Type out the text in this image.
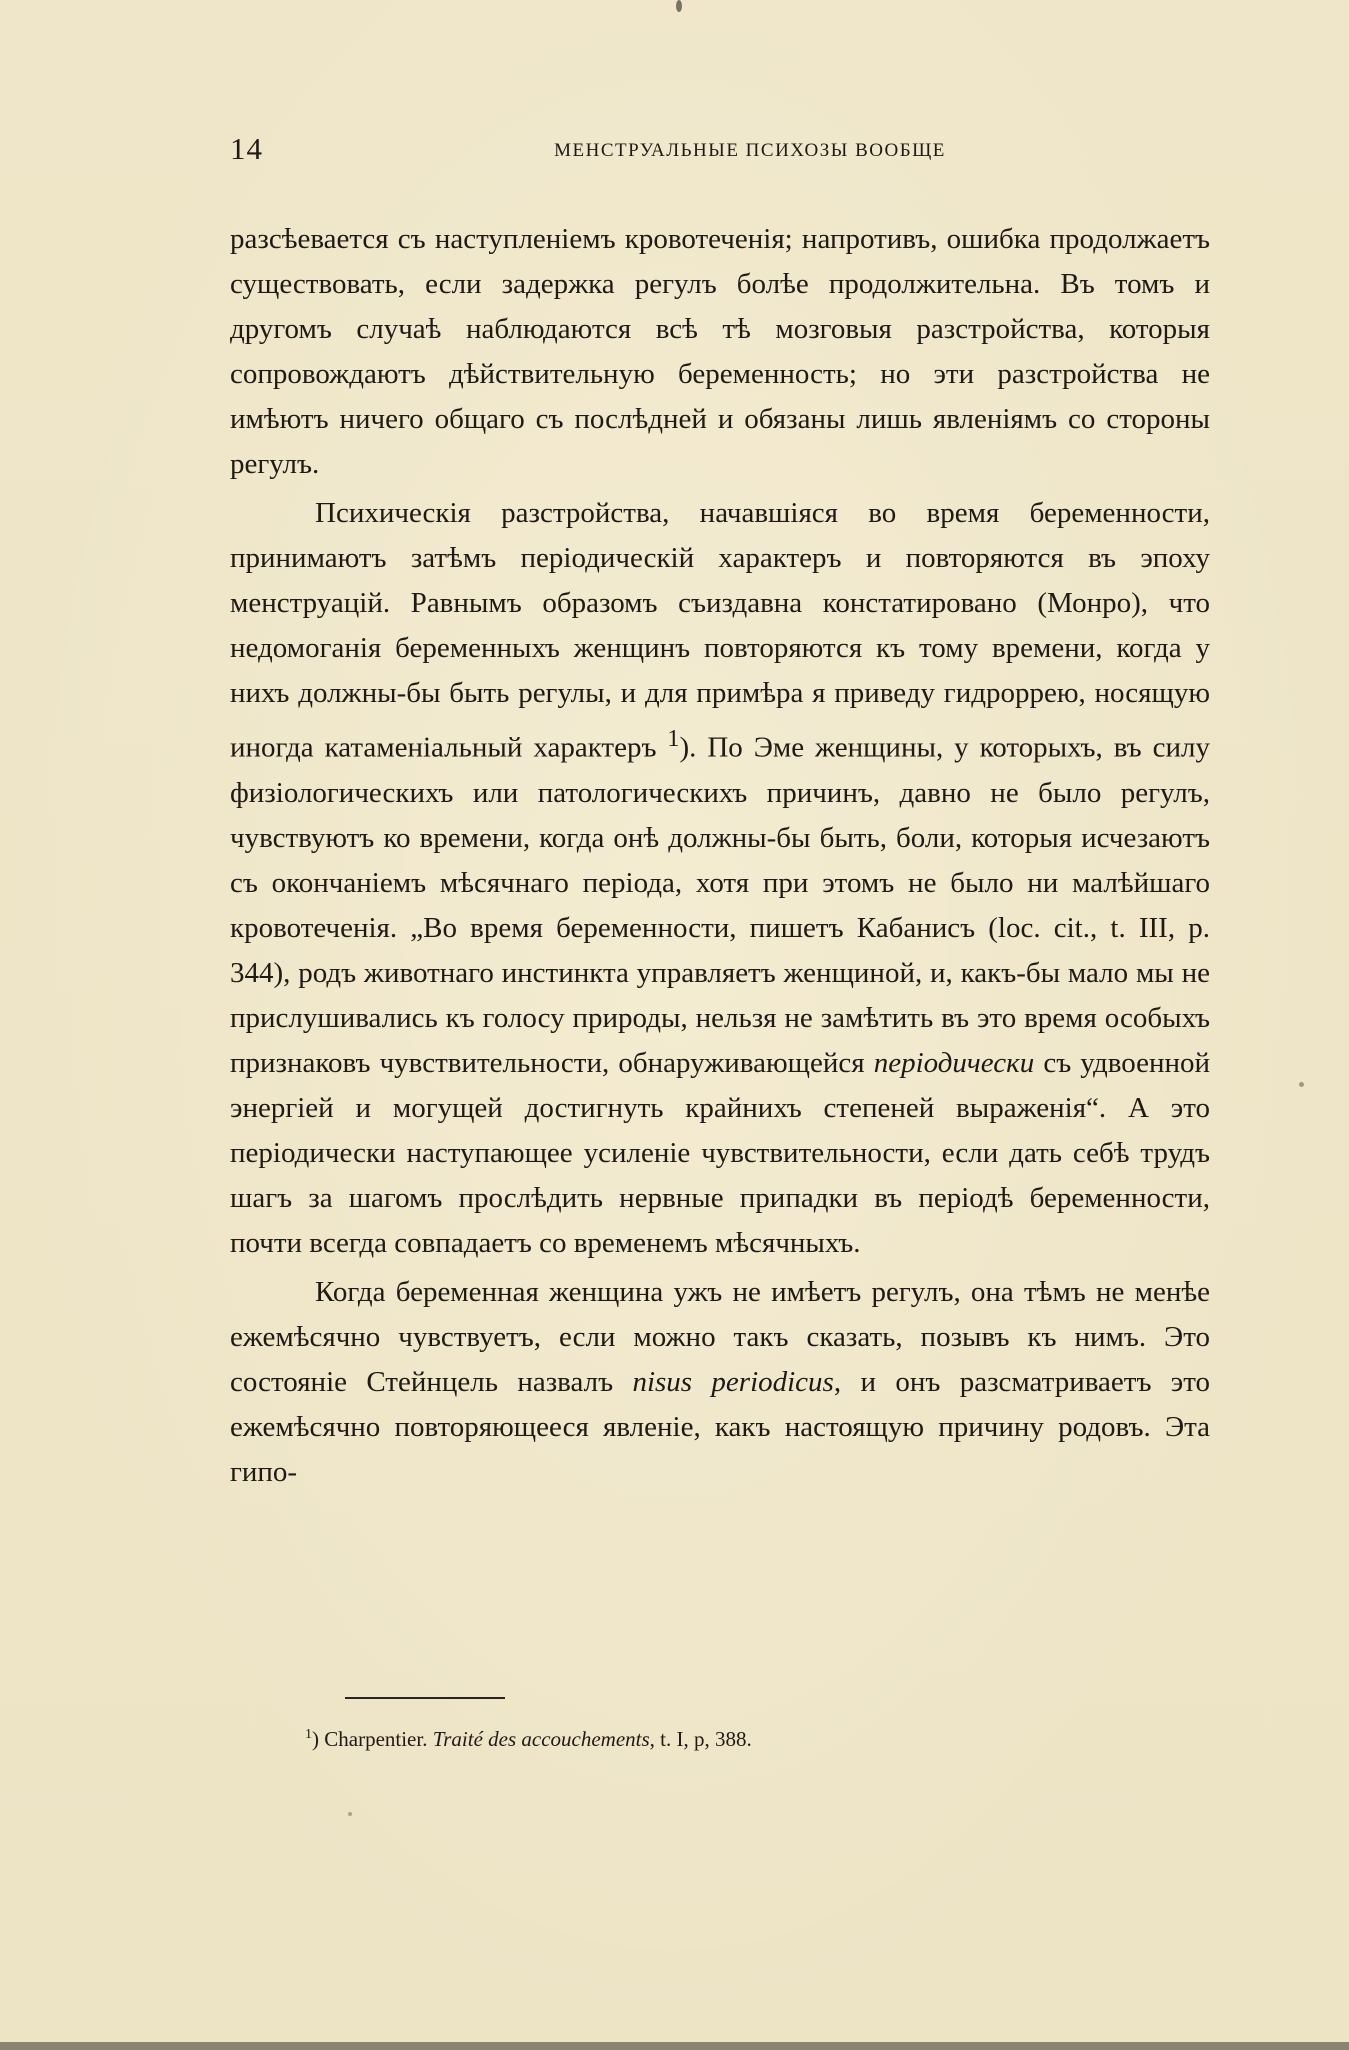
14	МЕНСТРУАЛЬНЫЕ ПСИХОЗЫ ВООБЩЕ

разсѣевается съ наступленіемъ кровотеченія; напротивъ, ошибка продолжаетъ существовать, если задержка регулъ болѣе продолжительна. Въ томъ и другомъ случаѣ наблюдаются всѣ тѣ мозговыя разстройства, которыя сопровождаютъ дѣйствительную беременность; но эти разстройства не имѣютъ ничего общаго съ послѣдней и обязаны лишь явленіямъ со стороны регулъ.

Психическія разстройства, начавшіяся во время беременности, принимаютъ затѣмъ періодическій характеръ и повторяются въ эпоху менструацій. Равнымъ образомъ съиздавна констатировано (Монро), что недомоганія беременныхъ женщинъ повторяются къ тому времени, когда у нихъ должны-бы быть регулы, и для примѣра я приведу гидроррею, носящую иногда катаменіальный характеръ $^1$). По Эме женщины, у которыхъ, въ силу физіологическихъ или патологическихъ причинъ, давно не было регулъ, чувствуютъ ко времени, когда онѣ должны-бы быть, боли, которыя исчезаютъ съ окончаніемъ мѣсячнаго періода, хотя при этомъ не было ни малѣйшаго кровотеченія. „Во время беременности, пишетъ Кабанисъ (loc. cit., t. III, p. 344), родъ животнаго инстинкта управляетъ женщиной, и, какъ-бы мало мы не прислушивались къ голосу природы, нельзя не замѣтить въ это время особыхъ признаковъ чувствительности, обнаруживающейся періодически съ удвоенной энергіей и могущей достигнуть крайнихъ степеней выраженія“. А это періодически наступающее усиленіе чувствительности, если дать себѣ трудъ шагъ за шагомъ прослѣдить нервные припадки въ періодѣ беременности, почти всегда совпадаетъ со временемъ мѣсячныхъ.

Когда беременная женщина ужъ не имѣетъ регулъ, она тѣмъ не менѣе ежемѣсячно чувствуетъ, если можно такъ сказать, позывъ къ нимъ. Это состояніе Стейнцель назвалъ nisus periodicus, и онъ разсматриваетъ это ежемѣсячно повторяющееся явленіе, какъ настоящую причину родовъ. Эта гипо-

$^1$) Charpentier. Traité des accouchements, t. I, p, 388.
